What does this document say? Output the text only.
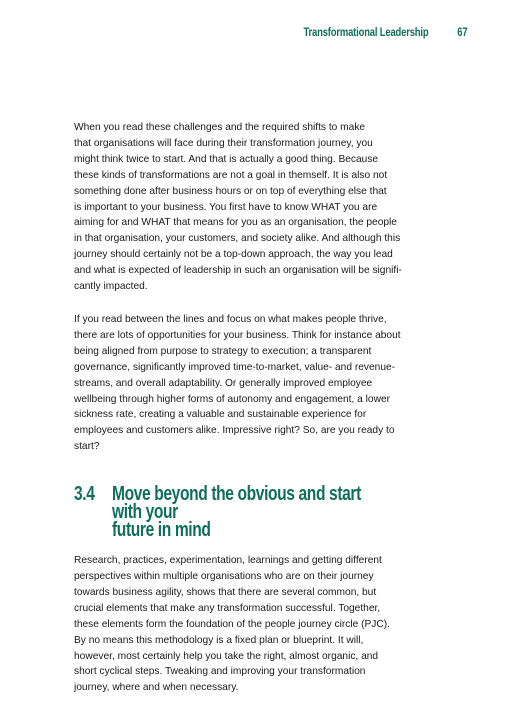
Transformational Leadership 67

When you read these challenges and the required shifts to make
that organisations will face during their transformation journey, you
might think twice to start. And that is actually a good thing. Because
these kinds of transformations are not a goal in themself. It is also not
something done after business hours or on top of everything else that
is important to your business. You first have to know WHAT you are
aiming for and WHAT that means for you as an organisation, the people
in that organisation, your customers, and society alike. And although this
journey should certainly not be a top-down approach, the way you lead
and what is expected of leadership in such an organisation will be signifi-
cantly impacted.

If you read between the lines and focus on what makes people thrive,
there are lots of opportunities for your business. Think for instance about
being aligned from purpose to strategy to execution; a transparent
governance, significantly improved time-to-market, value- and revenue-
streams, and overall adaptability. Or generally improved employee
wellbeing through higher forms of autonomy and engagement, a lower
sickness rate, creating a valuable and sustainable experience for
employees and customers alike. Impressive right? So, are you ready to
start?

3.4 Move beyond the obvious and start with your
future in mind

Research, practices, experimentation, learnings and getting different
perspectives within multiple organisations who are on their journey
towards business agility, shows that there are several common, but
crucial elements that make any transformation successful. Together,
these elements form the foundation of the people journey circle (PJC).
By no means this methodology is a fixed plan or blueprint. It will,
however, most certainly help you take the right, almost organic, and
short cyclical steps. Tweaking and improving your transformation
journey, where and when necessary.
